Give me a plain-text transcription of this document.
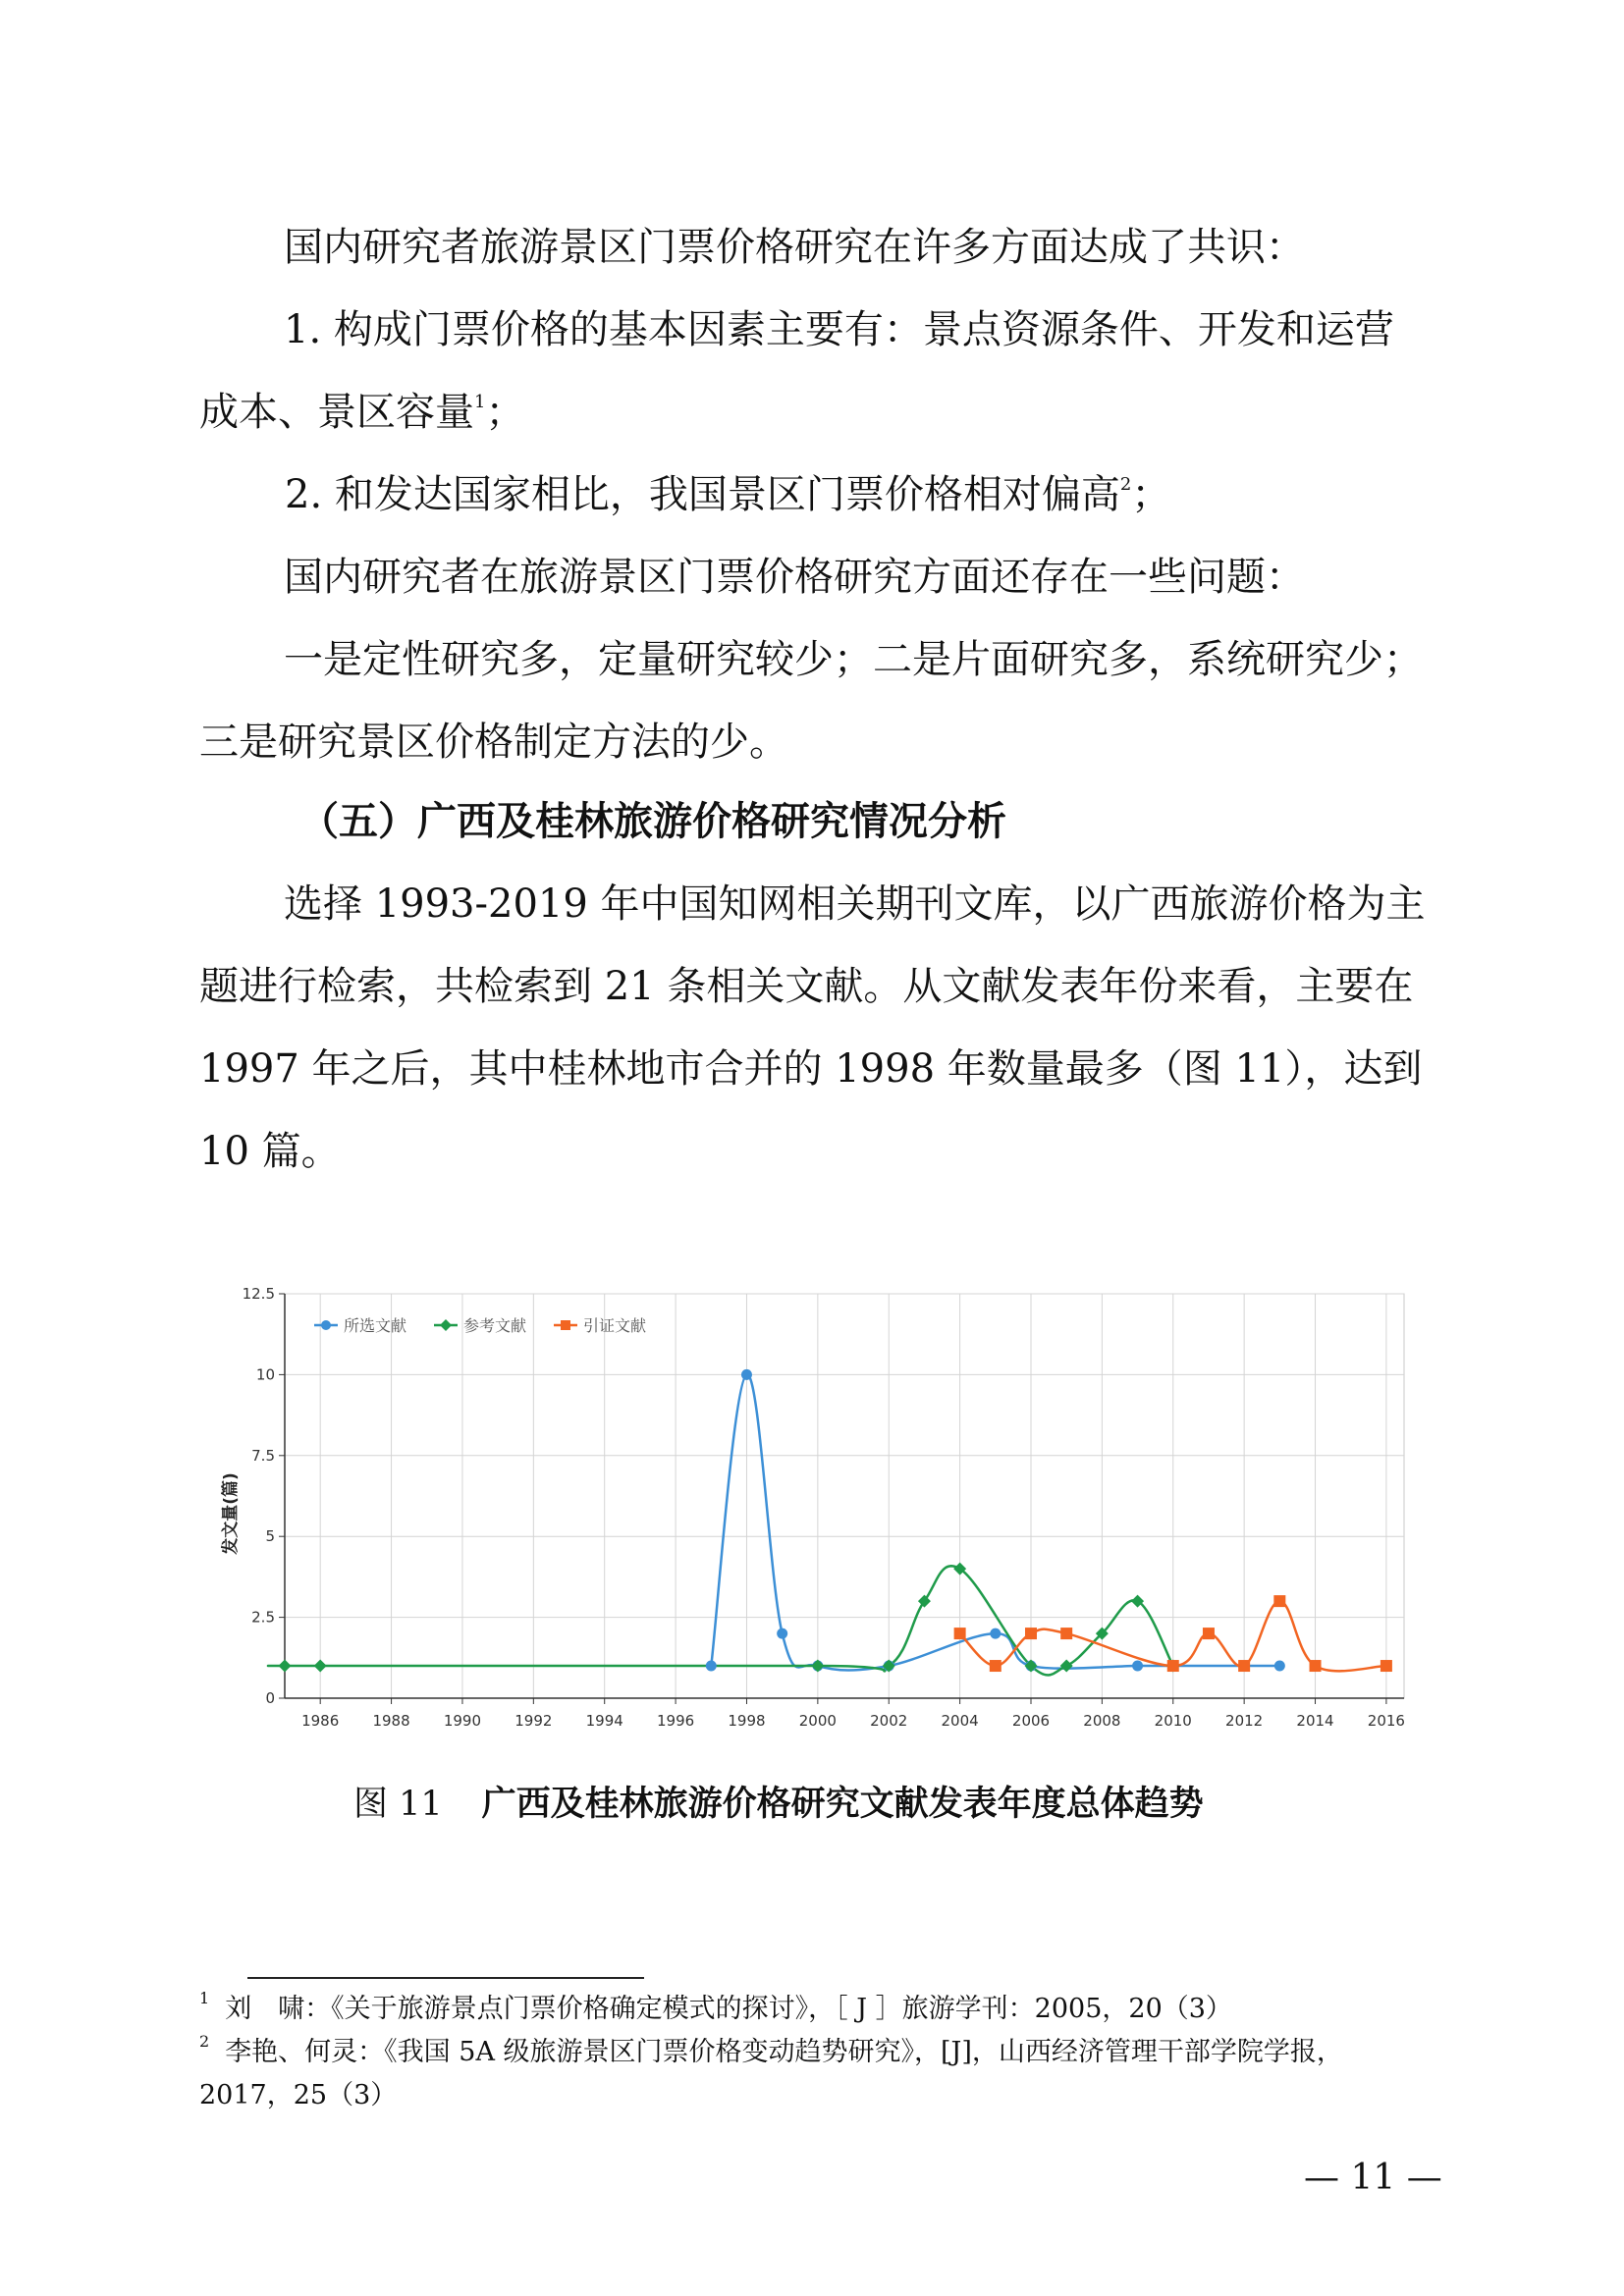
国内研究者旅游景区门票价格研究在许多方面达成了共识：

1. 构成门票价格的基本因素主要有：景点资源条件、开发和运营成本、景区容量$^1$；

2. 和发达国家相比，我国景区门票价格相对偏高$^2$；

国内研究者在旅游景区门票价格研究方面还存在一些问题：

一是定性研究多，定量研究较少；二是片面研究多，系统研究少；三是研究景区价格制定方法的少。

（五）广西及桂林旅游价格研究情况分析

选择 1993-2019 年中国知网相关期刊文库，以广西旅游价格为主题进行检索，共检索到 21 条相关文献。从文献发表年份来看，主要在 1997 年之后，其中桂林地市合并的 1998 年数量最多（图 11），达到 10 篇。

0
2.5
5
7.5
10
12.5
1986 1988 1990 1992 1994 1996 1998 2000 2002 2004 2006 2008 2010 2012 2014 2016
所选文献	参考文献	引证文献
发文量(篇)

图 11 广西及桂林旅游价格研究文献发表年度总体趋势

$^1$ 刘　啸：《关于旅游景点门票价格确定模式的探讨》，［ J ］旅游学刊：2005，20（3）

$^2$ 李艳、何灵：《我国 5A 级旅游景区门票价格变动趋势研究》，[J]，山西经济管理干部学院学报，2017，25（3）

— 11 —
